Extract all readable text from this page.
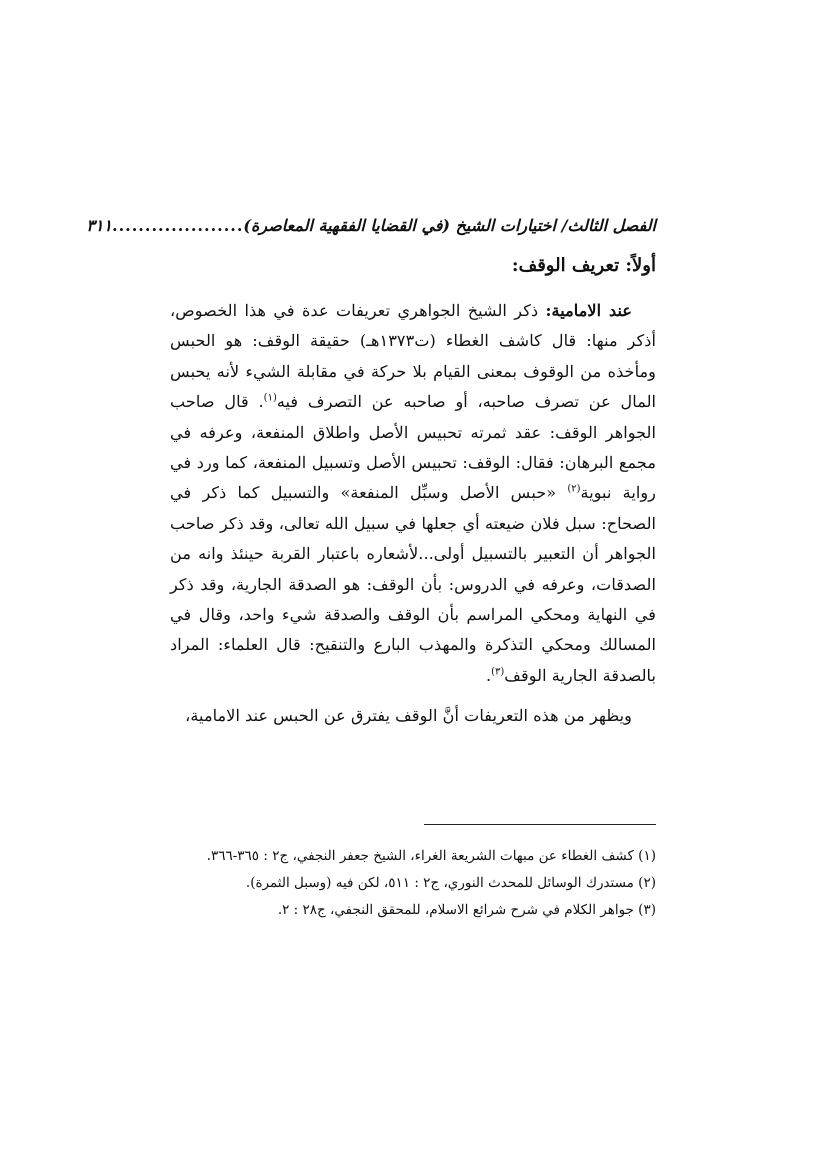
الفصل الثالث/ اختيارات الشيخ (في القضايا الفقهية المعاصرة)
....................
٣١١
أولاً: تعريف الوقف:

عند الامامية: ذكر الشيخ الجواهري تعريفات عدة في هذا الخصوص، أذكر منها: قال كاشف الغطاء (ت١٣٧٣هـ) حقيقة الوقف: هو الحبس ومأخذه من الوقوف بمعنى القيام بلا حركة في مقابلة الشيء لأنه يحبس المال عن تصرف صاحبه، أو صاحبه عن التصرف فيه$^{(١)}$. قال صاحب الجواهر الوقف: عقد ثمرته تحبيس الأصل واطلاق المنفعة، وعرفه في مجمع البرهان: فقال: الوقف: تحبيس الأصل وتسبيل المنفعة، كما ورد في رواية نبوية$^{(٢)}$ «حبس الأصل وسبِّل المنفعة» والتسبيل كما ذكر في الصحاح: سبل فلان ضيعته أي جعلها في سبيل الله تعالى، وقد ذكر صاحب الجواهر أن التعبير بالتسبيل أولى...لأشعاره باعتبار القربة حينئذ وانه من الصدقات، وعرفه في الدروس: بأن الوقف: هو الصدقة الجارية، وقد ذكر في النهاية ومحكي المراسم بأن الوقف والصدقة شيء واحد، وقال في المسالك ومحكي التذكرة والمهذب البارع والتنقيح: قال العلماء: المراد بالصدقة الجارية الوقف$^{(٣)}$.

ويظهر من هذه التعريفات أنَّ الوقف يفترق عن الحبس عند الامامية،

(١) كشف الغطاء عن مبهات الشريعة الغراء، الشيخ جعفر النجفي، ج٢ : ٣٦٥-٣٦٦.
(٢) مستدرك الوسائل للمحدث النوري، ج٢ : ٥١١، لكن فيه (وسبل الثمرة).
(٣) جواهر الكلام في شرح شرائع الاسلام، للمحقق النجفي، ج٢٨ : ٢.
